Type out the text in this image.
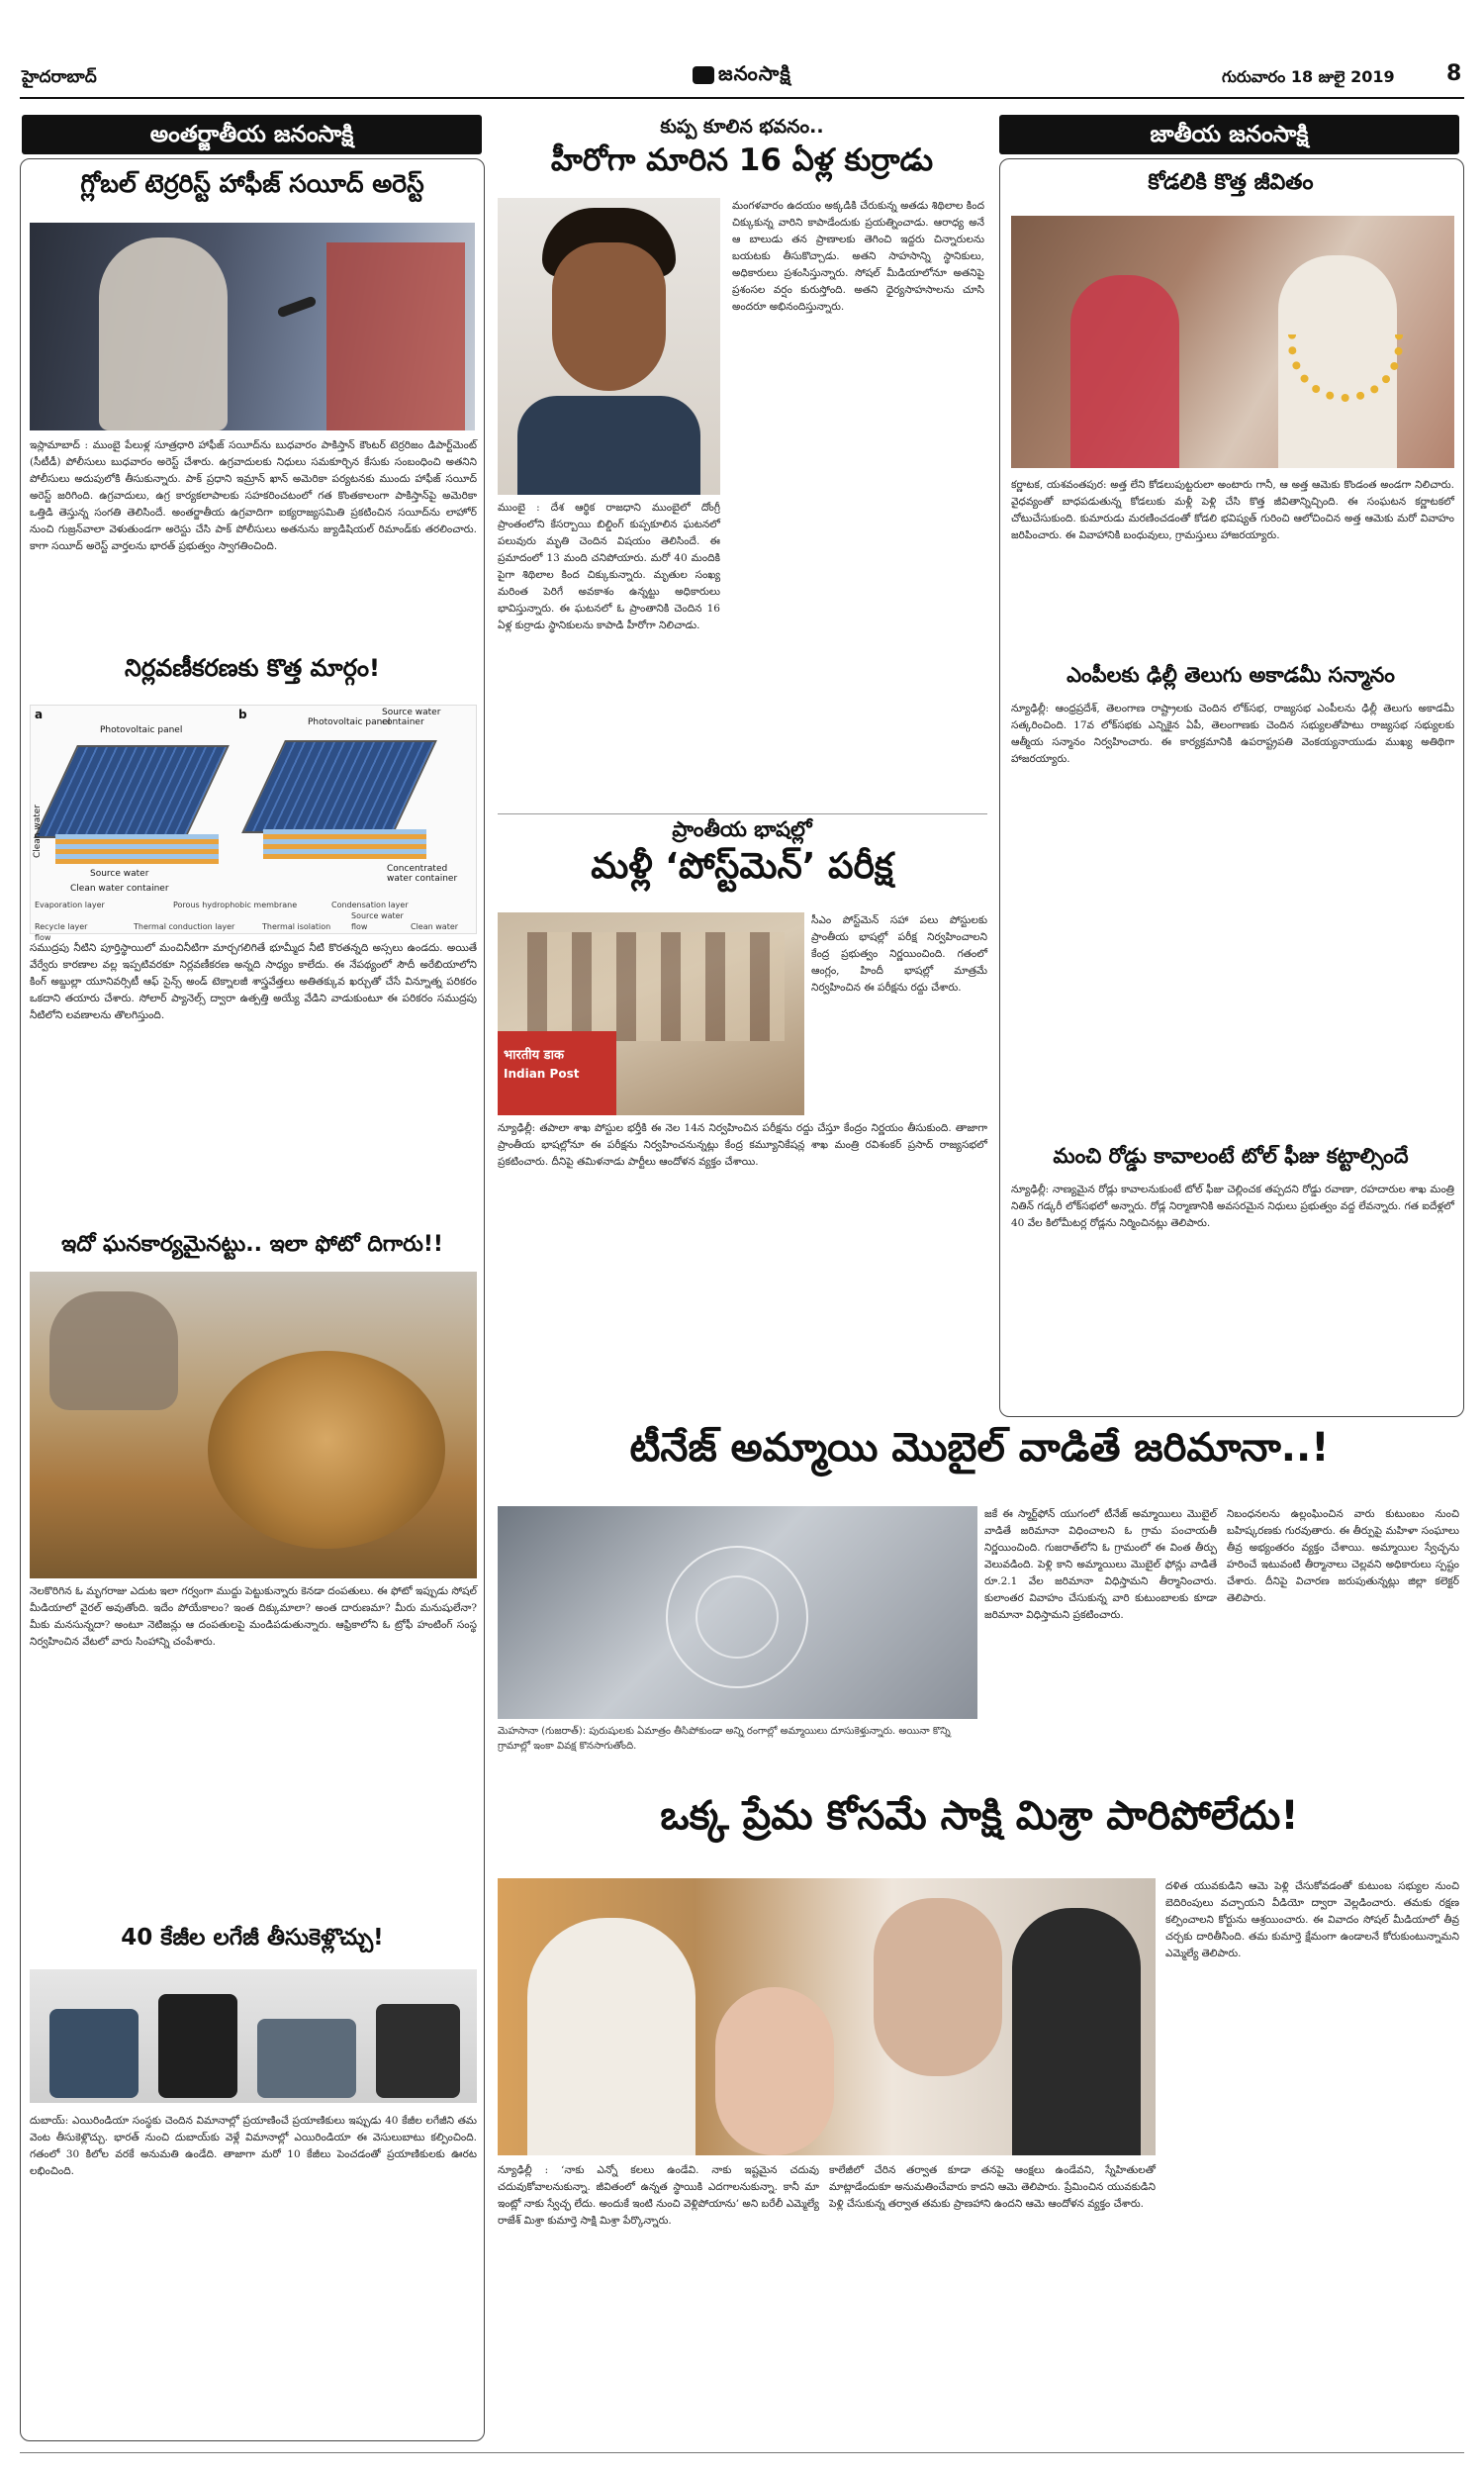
హైదరాబాద్	జనంసాక్షి	గురువారం 18 జులై 2019 8
అంతర్జాతీయ జనంసాక్షి	జాతీయ జనంసాక్షి
గ్లోబల్‌ టెర్రరిస్ట్‌ హాఫీజ్‌ సయీద్‌ అరెస్ట్‌
ఇస్లామాబాద్‌ : ముంబై పేలుళ్ల సూత్రధారి హాఫీజ్‌ సయీద్‌ను బుధవారం పాకిస్తాన్‌ కౌంటర్‌ టెర్రరిజం డిపార్ట్‌మెంట్‌ (సీటీడీ) పోలీసులు బుధవారం అరెస్ట్‌ చేశారు. ఉగ్రవాదులకు నిధులు సమకూర్చిన కేసుకు సంబంధించి అతనిని పోలీసులు అదుపులోకి తీసుకున్నారు. పాక్‌ ప్రధాని ఇమ్రాన్‌ ఖాన్‌ అమెరికా పర్యటనకు ముందు హాఫీజ్‌ సయీద్‌ అరెస్ట్‌ జరిగింది. ఉగ్రవాదులు, ఉగ్ర కార్యకలాపాలకు సహకరించటంలో గత కొంతకాలంగా పాకిస్తాన్‌పై అమెరికా ఒత్తిడి తెస్తున్న సంగతి తెలిసిందే. అంతర్జాతీయ ఉగ్రవాదిగా ఐక్యరాజ్యసమితి ప్రకటించిన సయీద్‌ను లాహోర్‌ నుంచి గుజ్రన్‌వాలా వెళుతుండగా అరెస్టు చేసి పాక్‌ పోలీసులు అతనును జ్యుడిషియల్‌ రిమాండ్‌కు తరలించారు. కాగా సయీద్‌ అరెస్ట్‌ వార్తలను భారత్‌ ప్రభుత్వం స్వాగతించింది.
నిర్లవణీకరణకు కొత్త మార్గం!
a	b
Photovoltaic panel
Photovoltaic panel
Source water container
Source water
Clean water
Clean water container
Concentrated water container
Evaporation layer	Porous hydrophobic membrane	Condensation layer
Recycle layer	Thermal conduction layer	Thermal isolationSource water flow	Clean water flow
సముద్రపు నీటిని పూర్తిస్థాయిలో మంచినీటిగా మార్చగలిగితే భూమ్మీద నీటి కొరతన్నది అస్సలు ఉండదు. అయితే వేర్వేరు కారణాల వల్ల ఇప్పటివరకూ నిర్లవణీకరణ అన్నది సాధ్యం కాలేదు. ఈ నేపథ్యంలో సౌదీ అరేబియాలోని కింగ్‌ అబ్దుల్లా యూనివర్సిటీ ఆఫ్‌ సైన్స్‌ అండ్‌ టెక్నాలజీ శాస్త్రవేత్తలు అతితక్కువ ఖర్చుతో చేసే విన్నూత్న పరికరం ఒకదాని తయారు చేశారు. సోలార్‌ ప్యానెల్స్‌ ద్వారా ఉత్పత్తి అయ్యే వేడిని వాడుకుంటూ ఈ పరికరం సముద్రపు నీటిలోని లవణాలను తొలగిస్తుంది.
ఇదో ఘనకార్యమైనట్టు.. ఇలా ఫోటో దిగారు!!
నెలకొరిగిన ఓ మృగరాజు ఎదుట ఇలా గర్వంగా ముద్దు పెట్టుకున్నారు కెనడా దంపతులు. ఈ ఫోటో ఇప్పుడు సోషల్‌ మీడియాలో వైరల్‌ అవుతోంది. ఇదేం పోయేకాలం? ఇంత దిక్కుమాలా? అంత దారుణమా? మీరు మనుషులేనా? మీకు మనసున్నదా? అంటూ నెటిజన్లు ఆ దంపతులపై మండిపడుతున్నారు. ఆఫ్రికాలోని ఓ ట్రోఫీ హంటింగ్‌ సంస్థ నిర్వహించిన వేటలో వారు సింహాన్ని చంపేశారు.
40 కేజీల లగేజీ తీసుకెళ్లొచ్చు!
దుబాయ్‌: ఎయిరిండియా సంస్థకు చెందిన విమానాల్లో ప్రయాణించే ప్రయాణికులు ఇప్పుడు 40 కేజీల లగేజీని తమ వెంట తీసుకెళ్లొచ్చు. భారత్‌ నుంచి దుబాయ్‌కు వెళ్లే విమానాల్లో ఎయిరిండియా ఈ వెసులుబాటు కల్పించింది. గతంలో 30 కిలోల వరకే అనుమతి ఉండేది. తాజాగా మరో 10 కేజీలు పెంచడంతో ప్రయాణికులకు ఊరట లభించింది.
కుప్ప కూలిన భవనం..
హీరోగా మారిన 16 ఏళ్ల కుర్రాడు
ముంబై : దేశ ఆర్థిక రాజధాని ముంబైలో దోంగ్రీ ప్రాంతంలోని కేసర్బాయి బిల్డింగ్‌ కుప్పకూలిన ఘటనలో పలువురు మృతి చెందిన విషయం తెలిసిందే. ఈ ప్రమాదంలో 13 మంది చనిపోయారు. మరో 40 మందికి పైగా శిథిలాల కింద చిక్కుకున్నారు. మృతుల సంఖ్య మరింత పెరిగే అవకాశం ఉన్నట్టు అధికారులు భావిస్తున్నారు. ఈ ఘటనలో ఓ ప్రాంతానికి చెందిన 16 ఏళ్ల కుర్రాడు స్థానికులను కాపాడి హీరోగా నిలిచాడు.
మంగళవారం ఉదయం అక్కడికి చేరుకున్న అతడు శిథిలాల కింద చిక్కుకున్న వారిని కాపాడేందుకు ప్రయత్నించాడు. ఆరాధ్య అనే ఆ బాలుడు తన ప్రాణాలకు తెగించి ఇద్దరు చిన్నారులను బయటకు తీసుకొచ్చాడు. అతని సాహసాన్ని స్థానికులు, అధికారులు ప్రశంసిస్తున్నారు. సోషల్‌ మీడియాలోనూ అతనిపై ప్రశంసల వర్షం కురుస్తోంది. అతని ధైర్యసాహసాలను చూసి అందరూ అభినందిస్తున్నారు.
ప్రాంతీయ భాషల్లో
మళ్లీ ‘పోస్ట్‌మెన్‌’ పరీక్ష
भारतीय डाक
Indian Post
సీఎం పోస్ట్‌మెన్‌ సహా పలు పోస్టులకు ప్రాంతీయ భాషల్లో పరీక్ష నిర్వహించాలని కేంద్ర ప్రభుత్వం నిర్ణయించింది. గతంలో ఆంగ్లం, హిందీ భాషల్లో మాత్రమే నిర్వహించిన ఈ పరీక్షను రద్దు చేశారు.
న్యూఢిల్లీ: తపాలా శాఖ పోస్టుల భర్తీకి ఈ నెల 14న నిర్వహించిన పరీక్షను రద్దు చేస్తూ కేంద్రం నిర్ణయం తీసుకుంది. తాజాగా ప్రాంతీయ భాషల్లోనూ ఈ పరీక్షను నిర్వహించనున్నట్లు కేంద్ర కమ్యూనికేషన్ల శాఖ మంత్రి రవిశంకర్‌ ప్రసాద్‌ రాజ్యసభలో ప్రకటించారు. దీనిపై తమిళనాడు పార్టీలు ఆందోళన వ్యక్తం చేశాయి.
కోడలికి కొత్త జీవితం
కర్ణాటక, యశవంతపుర: అత్త లేని కోడలుపుట్టరులా అంటారు గానీ, ఆ అత్త ఆమెకు కొండంత అండగా నిలిచారు. వైధవ్యంతో బాధపడుతున్న కోడలుకు మళ్లీ పెళ్లి చేసి కొత్త జీవితాన్నిచ్చింది. ఈ సంఘటన కర్ణాటకలో చోటుచేసుకుంది. కుమారుడు మరణించడంతో కోడలి భవిష్యత్‌ గురించి ఆలోచించిన అత్త ఆమెకు మరో వివాహం జరిపించారు. ఈ వివాహానికి బంధువులు, గ్రామస్తులు హాజరయ్యారు.
ఎంపీలకు ఢిల్లీ తెలుగు అకాడమీ సన్మానం
న్యూఢిల్లీ: ఆంధ్రప్రదేశ్‌, తెలంగాణ రాష్ట్రాలకు చెందిన లోక్‌సభ, రాజ్యసభ ఎంపీలను ఢిల్లీ తెలుగు అకాడమీ సత్కరించింది. 17వ లోక్‌సభకు ఎన్నికైన ఏపీ, తెలంగాణకు చెందిన సభ్యులతోపాటు రాజ్యసభ సభ్యులకు ఆత్మీయ సన్మానం నిర్వహించారు. ఈ కార్యక్రమానికి ఉపరాష్ట్రపతి వెంకయ్యనాయుడు ముఖ్య అతిథిగా హాజరయ్యారు.
మంచి రోడ్డు కావాలంటే టోల్‌ ఫీజు కట్టాల్సిందే
న్యూఢిల్లీ: నాణ్యమైన రోడ్లు కావాలనుకుంటే టోల్‌ ఫీజు చెల్లించక తప్పదని రోడ్డు రవాణా, రహదారుల శాఖ మంత్రి నితిన్‌ గడ్కరీ లోక్‌సభలో అన్నారు. రోడ్ల నిర్మాణానికి అవసరమైన నిధులు ప్రభుత్వం వద్ద లేవన్నారు. గత ఐదేళ్లలో 40 వేల కిలోమీటర్ల రోడ్లను నిర్మించినట్లు తెలిపారు.
టీనేజ్‌ అమ్మాయి మొబైల్‌ వాడితే జరిమానా..!
మెహసానా (గుజరాత్‌): పురుషులకు ఏమాత్రం తీసిపోకుండా అన్ని రంగాల్లో అమ్మాయిలు దూసుకెళ్తున్నారు. అయినా కొన్ని గ్రామాల్లో ఇంకా వివక్ష కొనసాగుతోంది.
జకే ఈ స్మార్ట్‌ఫోన్‌ యుగంలో టీనేజ్‌ అమ్మాయిలు మొబైల్‌ వాడితే జరిమానా విధించాలని ఓ గ్రామ పంచాయతీ నిర్ణయించింది. గుజరాత్‌లోని ఓ గ్రామంలో ఈ వింత తీర్పు వెలువడింది. పెళ్లి కాని అమ్మాయిలు మొబైల్‌ ఫోన్లు వాడితే రూ.2.1 వేల జరిమానా విధిస్తామని తీర్మానించారు. కులాంతర వివాహం చేసుకున్న వారి కుటుంబాలకు కూడా జరిమానా విధిస్తామని ప్రకటించారు.
నిబంధనలను ఉల్లంఘించిన వారు కుటుంబం నుంచి బహిష్కరణకు గురవుతారు. ఈ తీర్పుపై మహిళా సంఘాలు తీవ్ర అభ్యంతరం వ్యక్తం చేశాయి. అమ్మాయిల స్వేచ్ఛను హరించే ఇటువంటి తీర్మానాలు చెల్లవని అధికారులు స్పష్టం చేశారు. దీనిపై విచారణ జరుపుతున్నట్లు జిల్లా కలెక్టర్‌ తెలిపారు.
ఒక్క ప్రేమ కోసమే సాక్షి మిశ్రా పారిపోలేదు!
న్యూఢిల్లీ : ‘నాకు ఎన్నో కలలు ఉండేవి. నాకు ఇష్టమైన చదువు చదువుకోవాలనుకున్నా. జీవితంలో ఉన్నత స్థాయికి ఎదగాలనుకున్నా. కానీ మా ఇంట్లో నాకు స్వేచ్ఛ లేదు. అందుకే ఇంటి నుంచి వెళ్లిపోయాను’ అని బరేలీ ఎమ్మెల్యే రాజేశ్‌ మిశ్రా కుమార్తె సాక్షి మిశ్రా పేర్కొన్నారు.
కాలేజీలో చేరిన తర్వాత కూడా తనపై ఆంక్షలు ఉండేవని, స్నేహితులతో మాట్లాడేందుకూ అనుమతించేవారు కాదని ఆమె తెలిపారు. ప్రేమించిన యువకుడిని పెళ్లి చేసుకున్న తర్వాత తమకు ప్రాణహాని ఉందని ఆమె ఆందోళన వ్యక్తం చేశారు.
దళిత యువకుడిని ఆమె పెళ్లి చేసుకోవడంతో కుటుంబ సభ్యుల నుంచి బెదిరింపులు వచ్చాయని వీడియో ద్వారా వెల్లడించారు. తమకు రక్షణ కల్పించాలని కోర్టును ఆశ్రయించారు. ఈ వివాదం సోషల్‌ మీడియాలో తీవ్ర చర్చకు దారితీసింది. తమ కుమార్తె క్షేమంగా ఉండాలనే కోరుకుంటున్నామని ఎమ్మెల్యే తెలిపారు.
